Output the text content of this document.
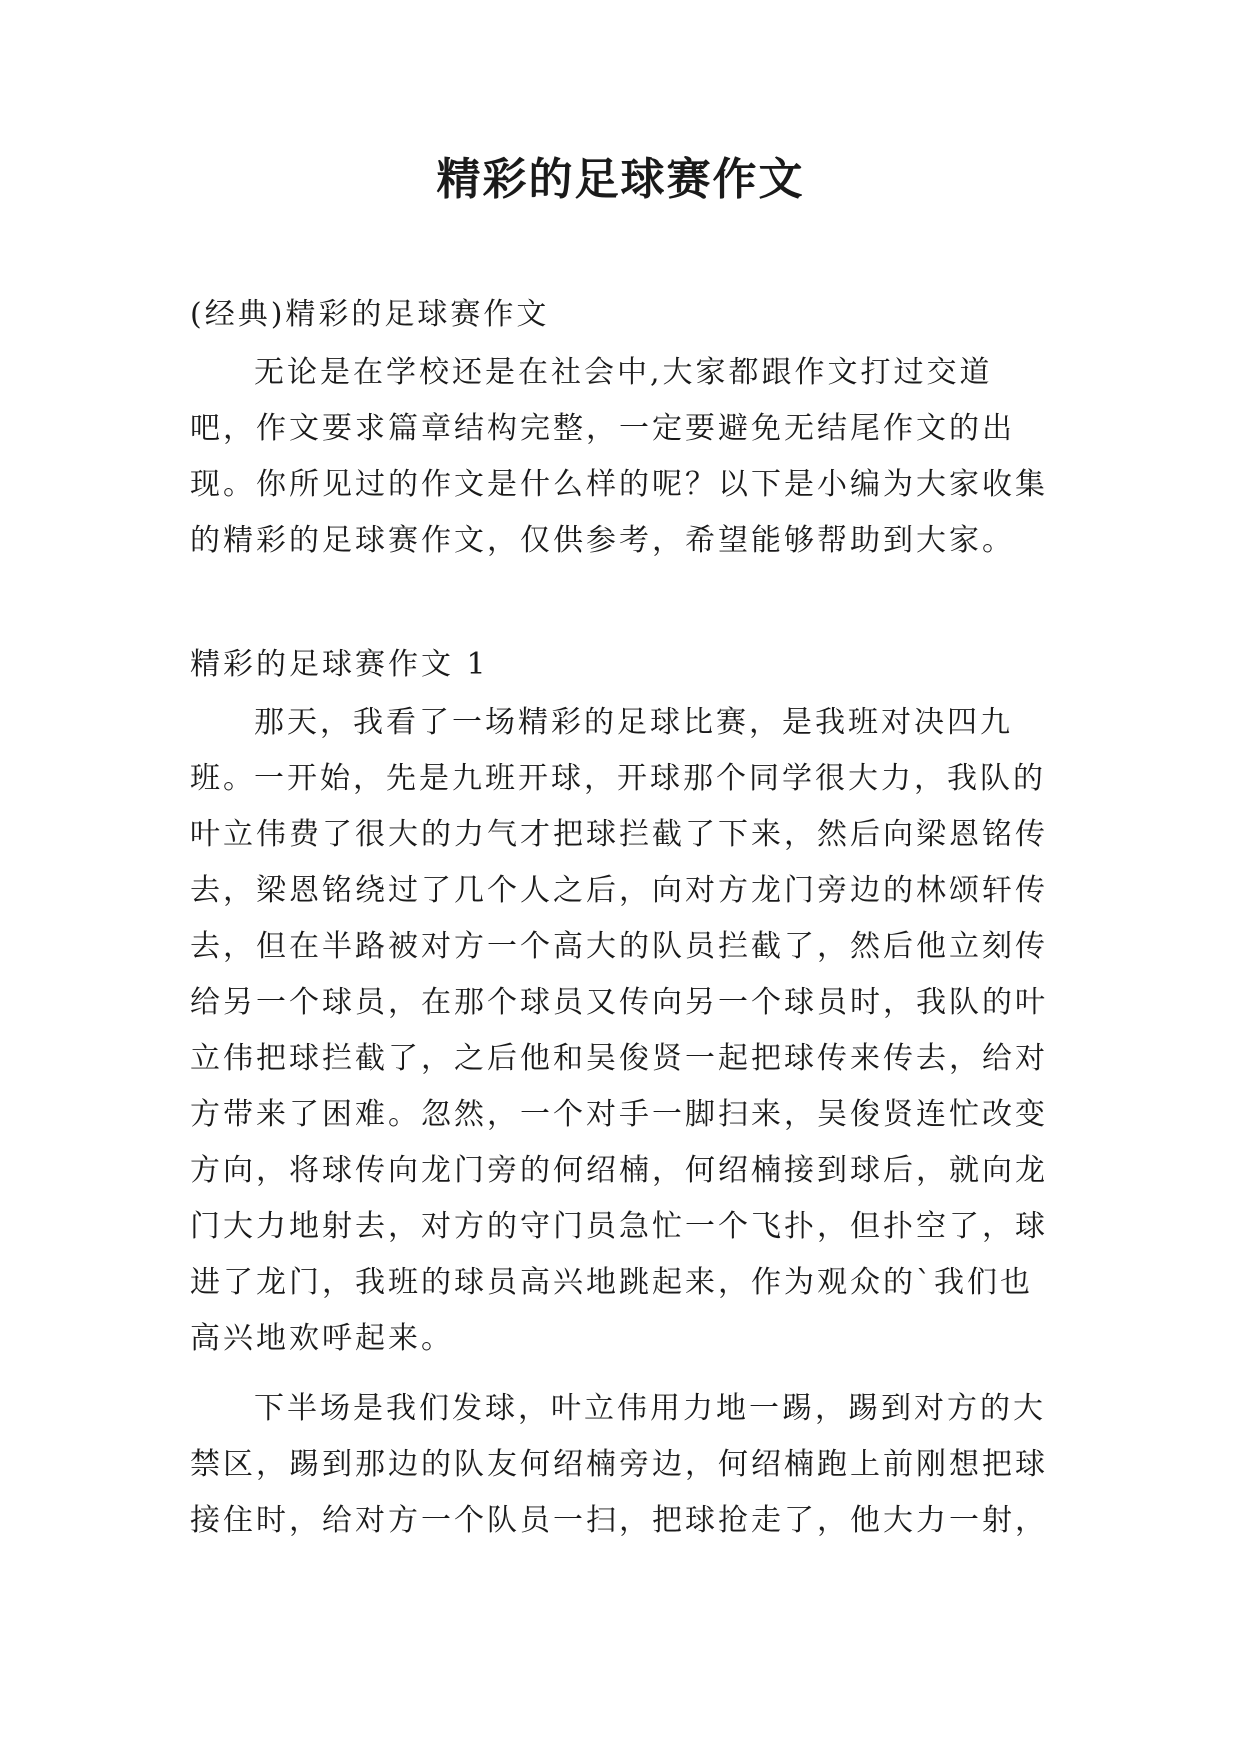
精彩的足球赛作文

(经典)精彩的足球赛作文

无论是在学校还是在社会中,大家都跟作文打过交道吧，作文要求篇章结构完整，一定要避免无结尾作文的出现。你所见过的作文是什么样的呢？以下是小编为大家收集的精彩的足球赛作文，仅供参考，希望能够帮助到大家。

精彩的足球赛作文 1

那天，我看了一场精彩的足球比赛，是我班对决四九班。

一开始，先是九班开球，开球那个同学很大力，我队的叶立伟费了很大的力气才把球拦截了下来，然后向梁恩铭传去，梁恩铭绕过了几个人之后，向对方龙门旁边的林颂轩传去，但在半路被对方一个高大的队员拦截了，然后他立刻传给另一个球员，在那个球员又传向另一个球员时，我队的叶立伟把球拦截了，之后他和吴俊贤一起把球传来传去，给对方带来了困难。忽然，一个对手一脚扫来，吴俊贤连忙改变方向，将球传向龙门旁的何绍楠，何绍楠接到球后，就向龙门大力地射去，对方的守门员急忙一个飞扑，但扑空了，球进了龙门，我班的球员高兴地跳起来，作为观众的`我们也高兴地欢呼起来。

下半场是我们发球，叶立伟用力地一踢，踢到对方的大禁区，踢到那边的队友何绍楠旁边，何绍楠跑上前刚想把球接住时，给对方一个队员一扫，把球抢走了，他大力一射，
